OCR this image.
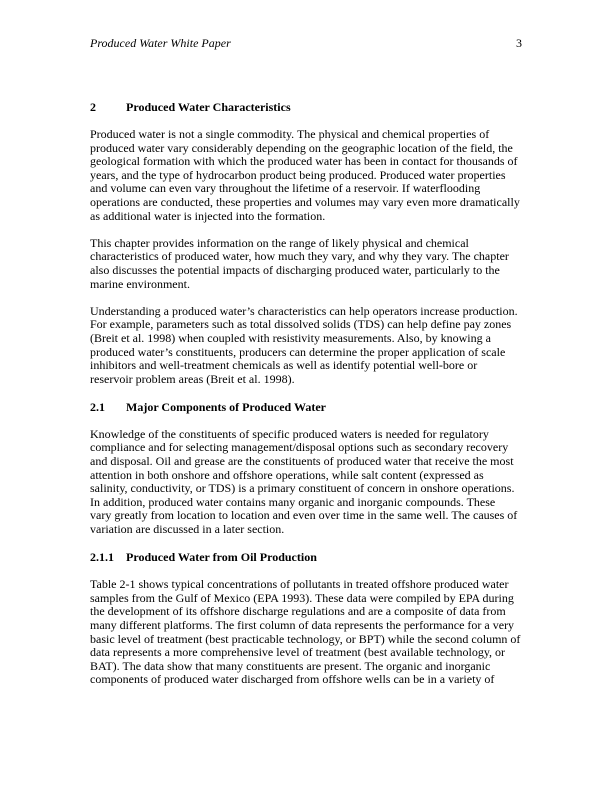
Produced Water White Paper	3
2	Produced Water Characteristics
Produced water is not a single commodity. The physical and chemical properties of
produced water vary considerably depending on the geographic location of the field, the
geological formation with which the produced water has been in contact for thousands of
years, and the type of hydrocarbon product being produced. Produced water properties
and volume can even vary throughout the lifetime of a reservoir. If waterflooding
operations are conducted, these properties and volumes may vary even more dramatically
as additional water is injected into the formation.
This chapter provides information on the range of likely physical and chemical
characteristics of produced water, how much they vary, and why they vary. The chapter
also discusses the potential impacts of discharging produced water, particularly to the
marine environment.
Understanding a produced water’s characteristics can help operators increase production.
For example, parameters such as total dissolved solids (TDS) can help define pay zones
(Breit et al. 1998) when coupled with resistivity measurements. Also, by knowing a
produced water’s constituents, producers can determine the proper application of scale
inhibitors and well-treatment chemicals as well as identify potential well-bore or
reservoir problem areas (Breit et al. 1998).
2.1 Major Components of Produced Water
Knowledge of the constituents of specific produced waters is needed for regulatory
compliance and for selecting management/disposal options such as secondary recovery
and disposal. Oil and grease are the constituents of produced water that receive the most
attention in both onshore and offshore operations, while salt content (expressed as
salinity, conductivity, or TDS) is a primary constituent of concern in onshore operations.
In addition, produced water contains many organic and inorganic compounds. These
vary greatly from location to location and even over time in the same well. The causes of
variation are discussed in a later section.
2.1.1 Produced Water from Oil Production
Table 2-1 shows typical concentrations of pollutants in treated offshore produced water
samples from the Gulf of Mexico (EPA 1993). These data were compiled by EPA during
the development of its offshore discharge regulations and are a composite of data from
many different platforms. The first column of data represents the performance for a very
basic level of treatment (best practicable technology, or BPT) while the second column of
data represents a more comprehensive level of treatment (best available technology, or
BAT). The data show that many constituents are present. The organic and inorganic
components of produced water discharged from offshore wells can be in a variety of
